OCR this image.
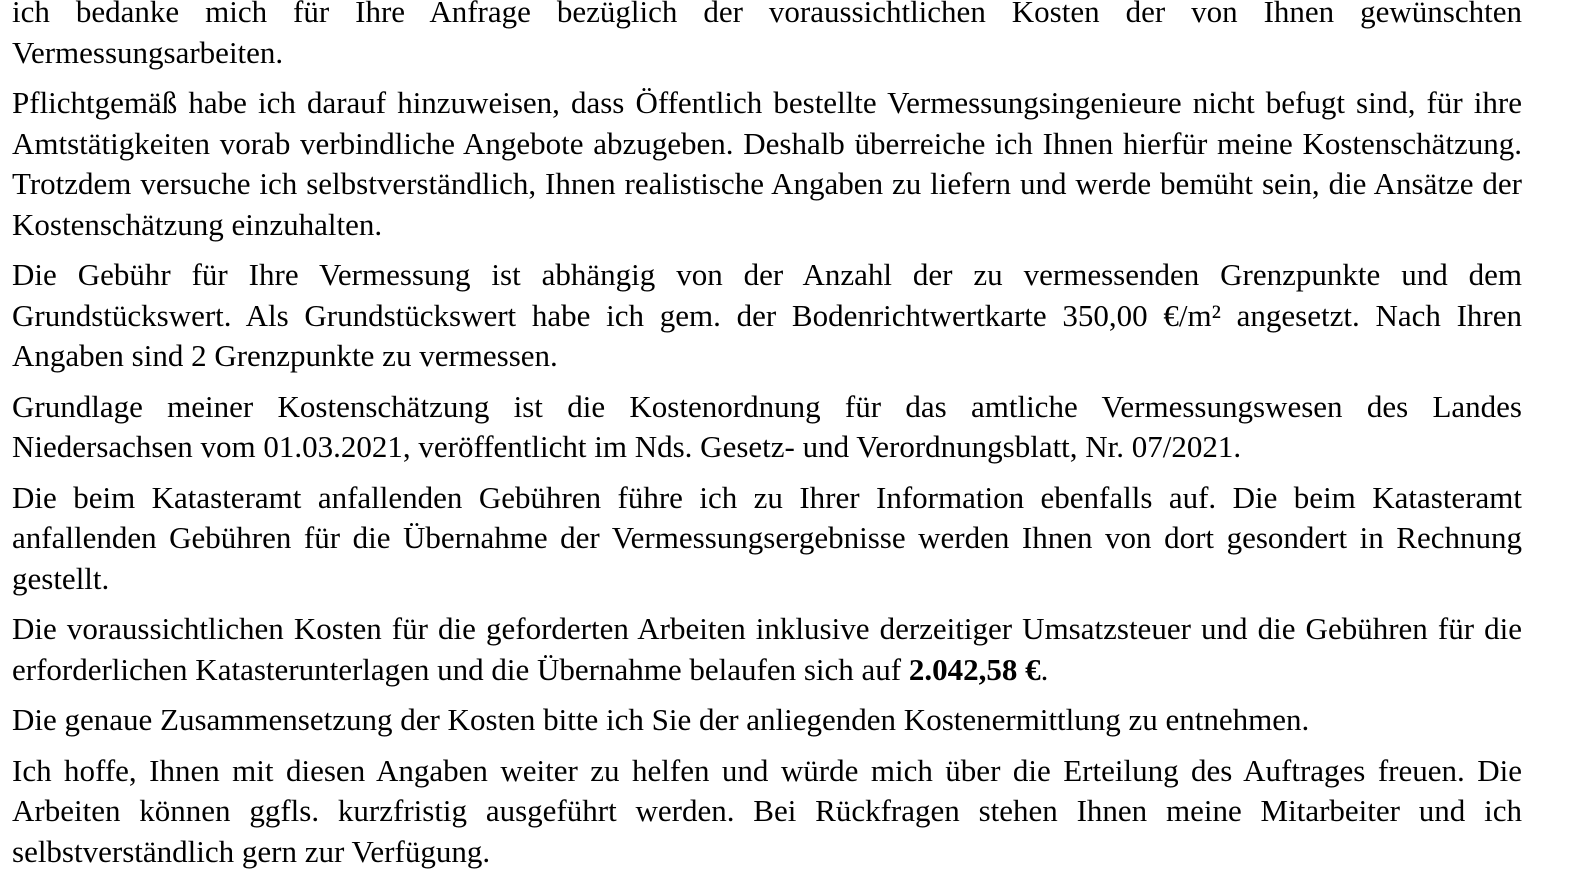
ich bedanke mich für Ihre Anfrage bezüglich der voraussichtlichen Kosten der von Ihnen gewünschten Vermessungsarbeiten.

Pflichtgemäß habe ich darauf hinzuweisen, dass Öffentlich bestellte Vermessungsingenieure nicht befugt sind, für ihre Amtstätigkeiten vorab verbindliche Angebote abzugeben. Deshalb überreiche ich Ihnen hierfür meine Kostenschätzung. Trotzdem versuche ich selbstverständlich, Ihnen realistische Angaben zu liefern und werde bemüht sein, die Ansätze der Kostenschätzung einzuhalten.

Die Gebühr für Ihre Vermessung ist abhängig von der Anzahl der zu vermessenden Grenzpunkte und dem Grundstückswert. Als Grundstückswert habe ich gem. der Bodenrichtwertkarte 350,00 €/m² angesetzt. Nach Ihren Angaben sind 2 Grenzpunkte zu vermessen.

Grundlage meiner Kostenschätzung ist die Kostenordnung für das amtliche Vermessungswesen des Landes Niedersachsen vom 01.03.2021, veröffentlicht im Nds. Gesetz- und Verordnungsblatt, Nr. 07/2021.

Die beim Katasteramt anfallenden Gebühren führe ich zu Ihrer Information ebenfalls auf. Die beim Katasteramt anfallenden Gebühren für die Übernahme der Vermessungsergebnisse werden Ihnen von dort gesondert in Rechnung gestellt.

Die voraussichtlichen Kosten für die geforderten Arbeiten inklusive derzeitiger Umsatzsteuer und die Gebühren für die erforderlichen Katasterunterlagen und die Übernahme belaufen sich auf 2.042,58 €.

Die genaue Zusammensetzung der Kosten bitte ich Sie der anliegenden Kostenermittlung zu entnehmen.

Ich hoffe, Ihnen mit diesen Angaben weiter zu helfen und würde mich über die Erteilung des Auftrages freuen. Die Arbeiten können ggfls. kurzfristig ausgeführt werden. Bei Rückfragen stehen Ihnen meine Mitarbeiter und ich selbstverständlich gern zur Verfügung.
